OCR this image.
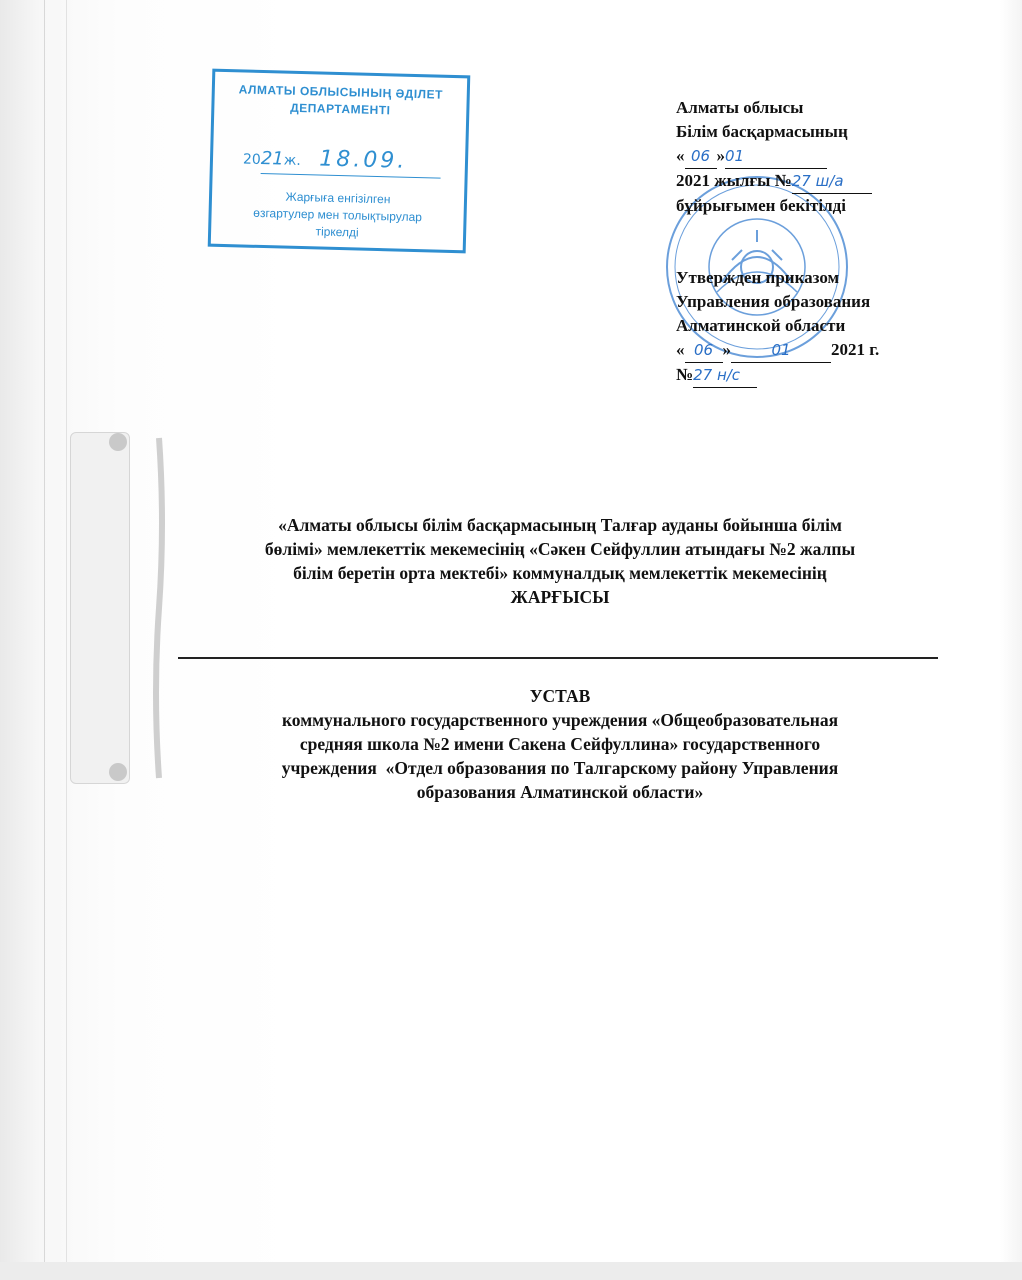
АЛМАТЫ ОБЛЫСЫНЫҢ ӘДІЛЕТ
ДЕПАРТАМЕНТІ
2021ж. 18.09.
Жарғыға енгізілген
өзгартулер мен толықтырулар
тіркелді
Алматы облысы
Білім басқармасының
« 06 »01
2021 жылғы №27 ш/а
бұйрығымен бекітілді
Утвержден приказом
Управления образования
Алматинской области
« 06 »	01 2021 г.
№27 н/с
«Алматы облысы білім басқармасының Талғар ауданы бойынша білім
бөлімі» мемлекеттік мекемесінің «Сәкен Сейфуллин атындағы №2 жалпы
білім беретін орта мектебі» коммуналдық мемлекеттік мекемесінің
ЖАРҒЫСЫ
УСТАВ
коммунального государственного учреждения «Общеобразовательная
средняя школа №2 имени Сакена Сейфуллина» государственного
учреждения  «Отдел образования по Талгарскому району Управления
образования Алматинской области»
